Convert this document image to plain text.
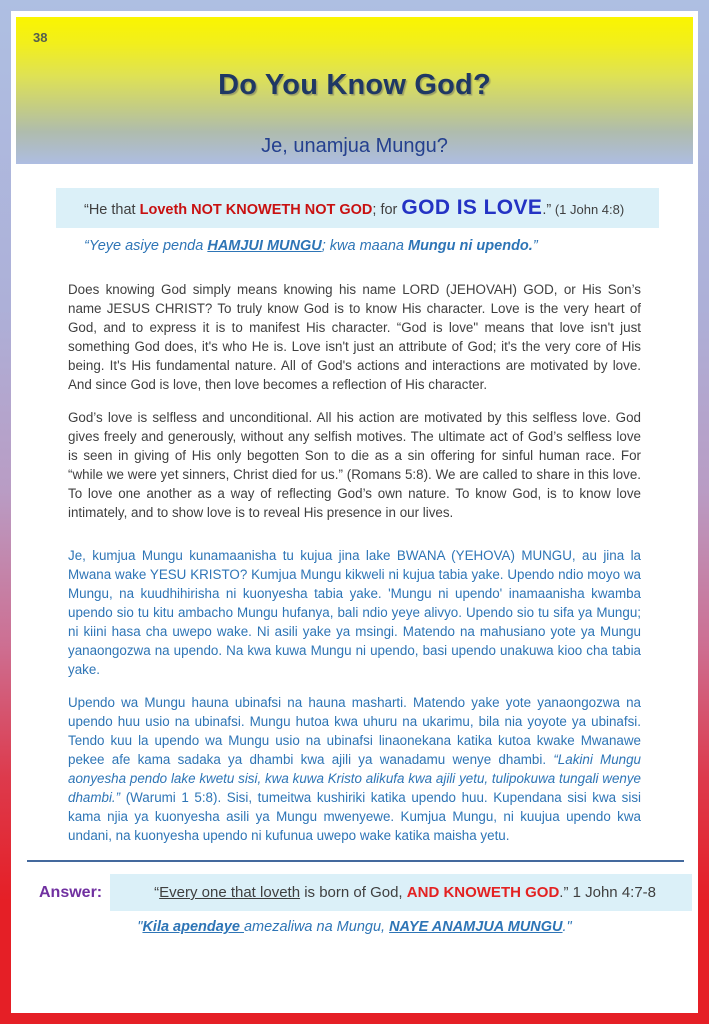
38
Do You Know God?
Je, unamjua Mungu?
“He that Loveth NOT KNOWETH NOT GOD; for GOD IS LOVE.” (1 John 4:8)
“Yeye asiye penda HAMJUI MUNGU; kwa maana Mungu ni upendo.”

Does knowing God simply means knowing his name LORD (JEHOVAH) GOD, or His Son’s name JESUS CHRIST? To truly know God is to know His character. Love is the very heart of God, and to express it is to manifest His character. “God is love" means that love isn't just something God does, it's who He is. Love isn't just an attribute of God; it's the very core of His being. It's His fundamental nature. All of God's actions and interactions are motivated by love. And since God is love, then love becomes a reflection of His character.

God’s love is selfless and unconditional. All his action are motivated by this selfless love. God gives freely and generously, without any selfish motives. The ultimate act of God’s selfless love is seen in giving of His only begotten Son to die as a sin offering for sinful human race. For “while we were yet sinners, Christ died for us.” (Romans 5:8). We are called to share in this love. To love one another as a way of reflecting God’s own nature. To know God, is to know love intimately, and to show love is to reveal His presence in our lives.

Je, kumjua Mungu kunamaanisha tu kujua jina lake BWANA (YEHOVA) MUNGU, au jina la Mwana wake YESU KRISTO? Kumjua Mungu kikweli ni kujua tabia yake. Upendo ndio moyo wa Mungu, na kuudhihirisha ni kuonyesha tabia yake. 'Mungu ni upendo' inamaanisha kwamba upendo sio tu kitu ambacho Mungu hufanya, bali ndio yeye alivyo. Upendo sio tu sifa ya Mungu; ni kiini hasa cha uwepo wake. Ni asili yake ya msingi. Matendo na mahusiano yote ya Mungu yanaongozwa na upendo. Na kwa kuwa Mungu ni upendo, basi upendo unakuwa kioo cha tabia yake.

Upendo wa Mungu hauna ubinafsi na hauna masharti. Matendo yake yote yanaongozwa na upendo huu usio na ubinafsi. Mungu hutoa kwa uhuru na ukarimu, bila nia yoyote ya ubinafsi. Tendo kuu la upendo wa Mungu usio na ubinafsi linaonekana katika kutoa kwake Mwanawe pekee afe kama sadaka ya dhambi kwa ajili ya wanadamu wenye dhambi. “Lakini Mungu aonyesha pendo lake kwetu sisi, kwa kuwa Kristo alikufa kwa ajili yetu, tulipokuwa tungali wenye dhambi.” (Warumi 1 5:8). Sisi, tumeitwa kushiriki katika upendo huu. Kupendana sisi kwa sisi kama njia ya kuonyesha asili ya Mungu mwenyewe. Kumjua Mungu, ni kuujua upendo kwa undani, na kuonyesha upendo ni kufunua uwepo wake katika maisha yetu.

Answer:	“Every one that loveth is born of God, AND KNOWETH GOD.” 1 John 4:7-8
"Kila apendaye amezaliwa na Mungu, NAYE ANAMJUA MUNGU."
